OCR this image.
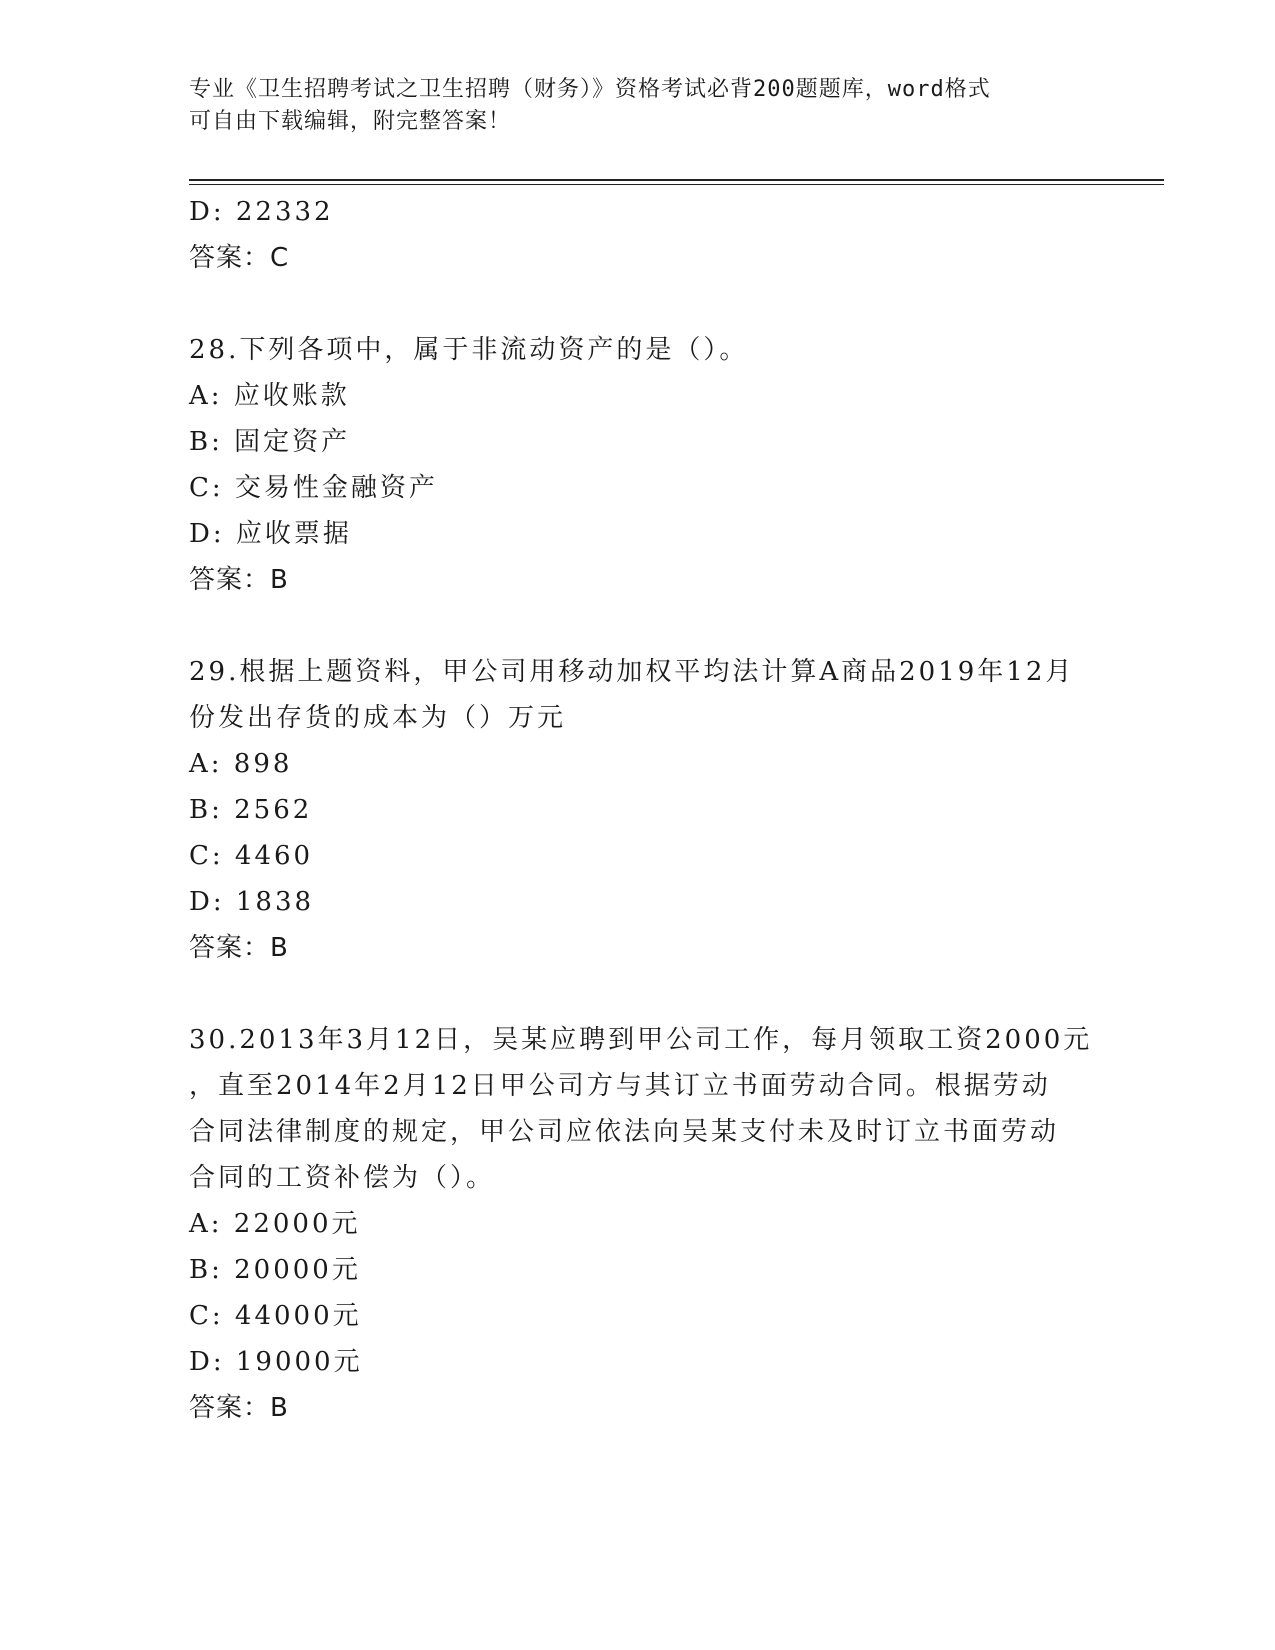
专业《卫生招聘考试之卫生招聘（财务）》资格考试必背200题题库，word格式
可自由下载编辑，附完整答案！
D: 22332
答案：C
28.下列各项中，属于非流动资产的是（）。
A: 应收账款
B: 固定资产
C: 交易性金融资产
D: 应收票据
答案：B
29.根据上题资料，甲公司用移动加权平均法计算A商品2019年12月
份发出存货的成本为（）万元
A: 898
B: 2562
C: 4460
D: 1838
答案：B
30.2013年3月12日，吴某应聘到甲公司工作，每月领取工资2000元
，直至2014年2月12日甲公司方与其订立书面劳动合同。根据劳动
合同法律制度的规定，甲公司应依法向吴某支付未及时订立书面劳动
合同的工资补偿为（）。
A: 22000元
B: 20000元
C: 44000元
D: 19000元
答案：B
